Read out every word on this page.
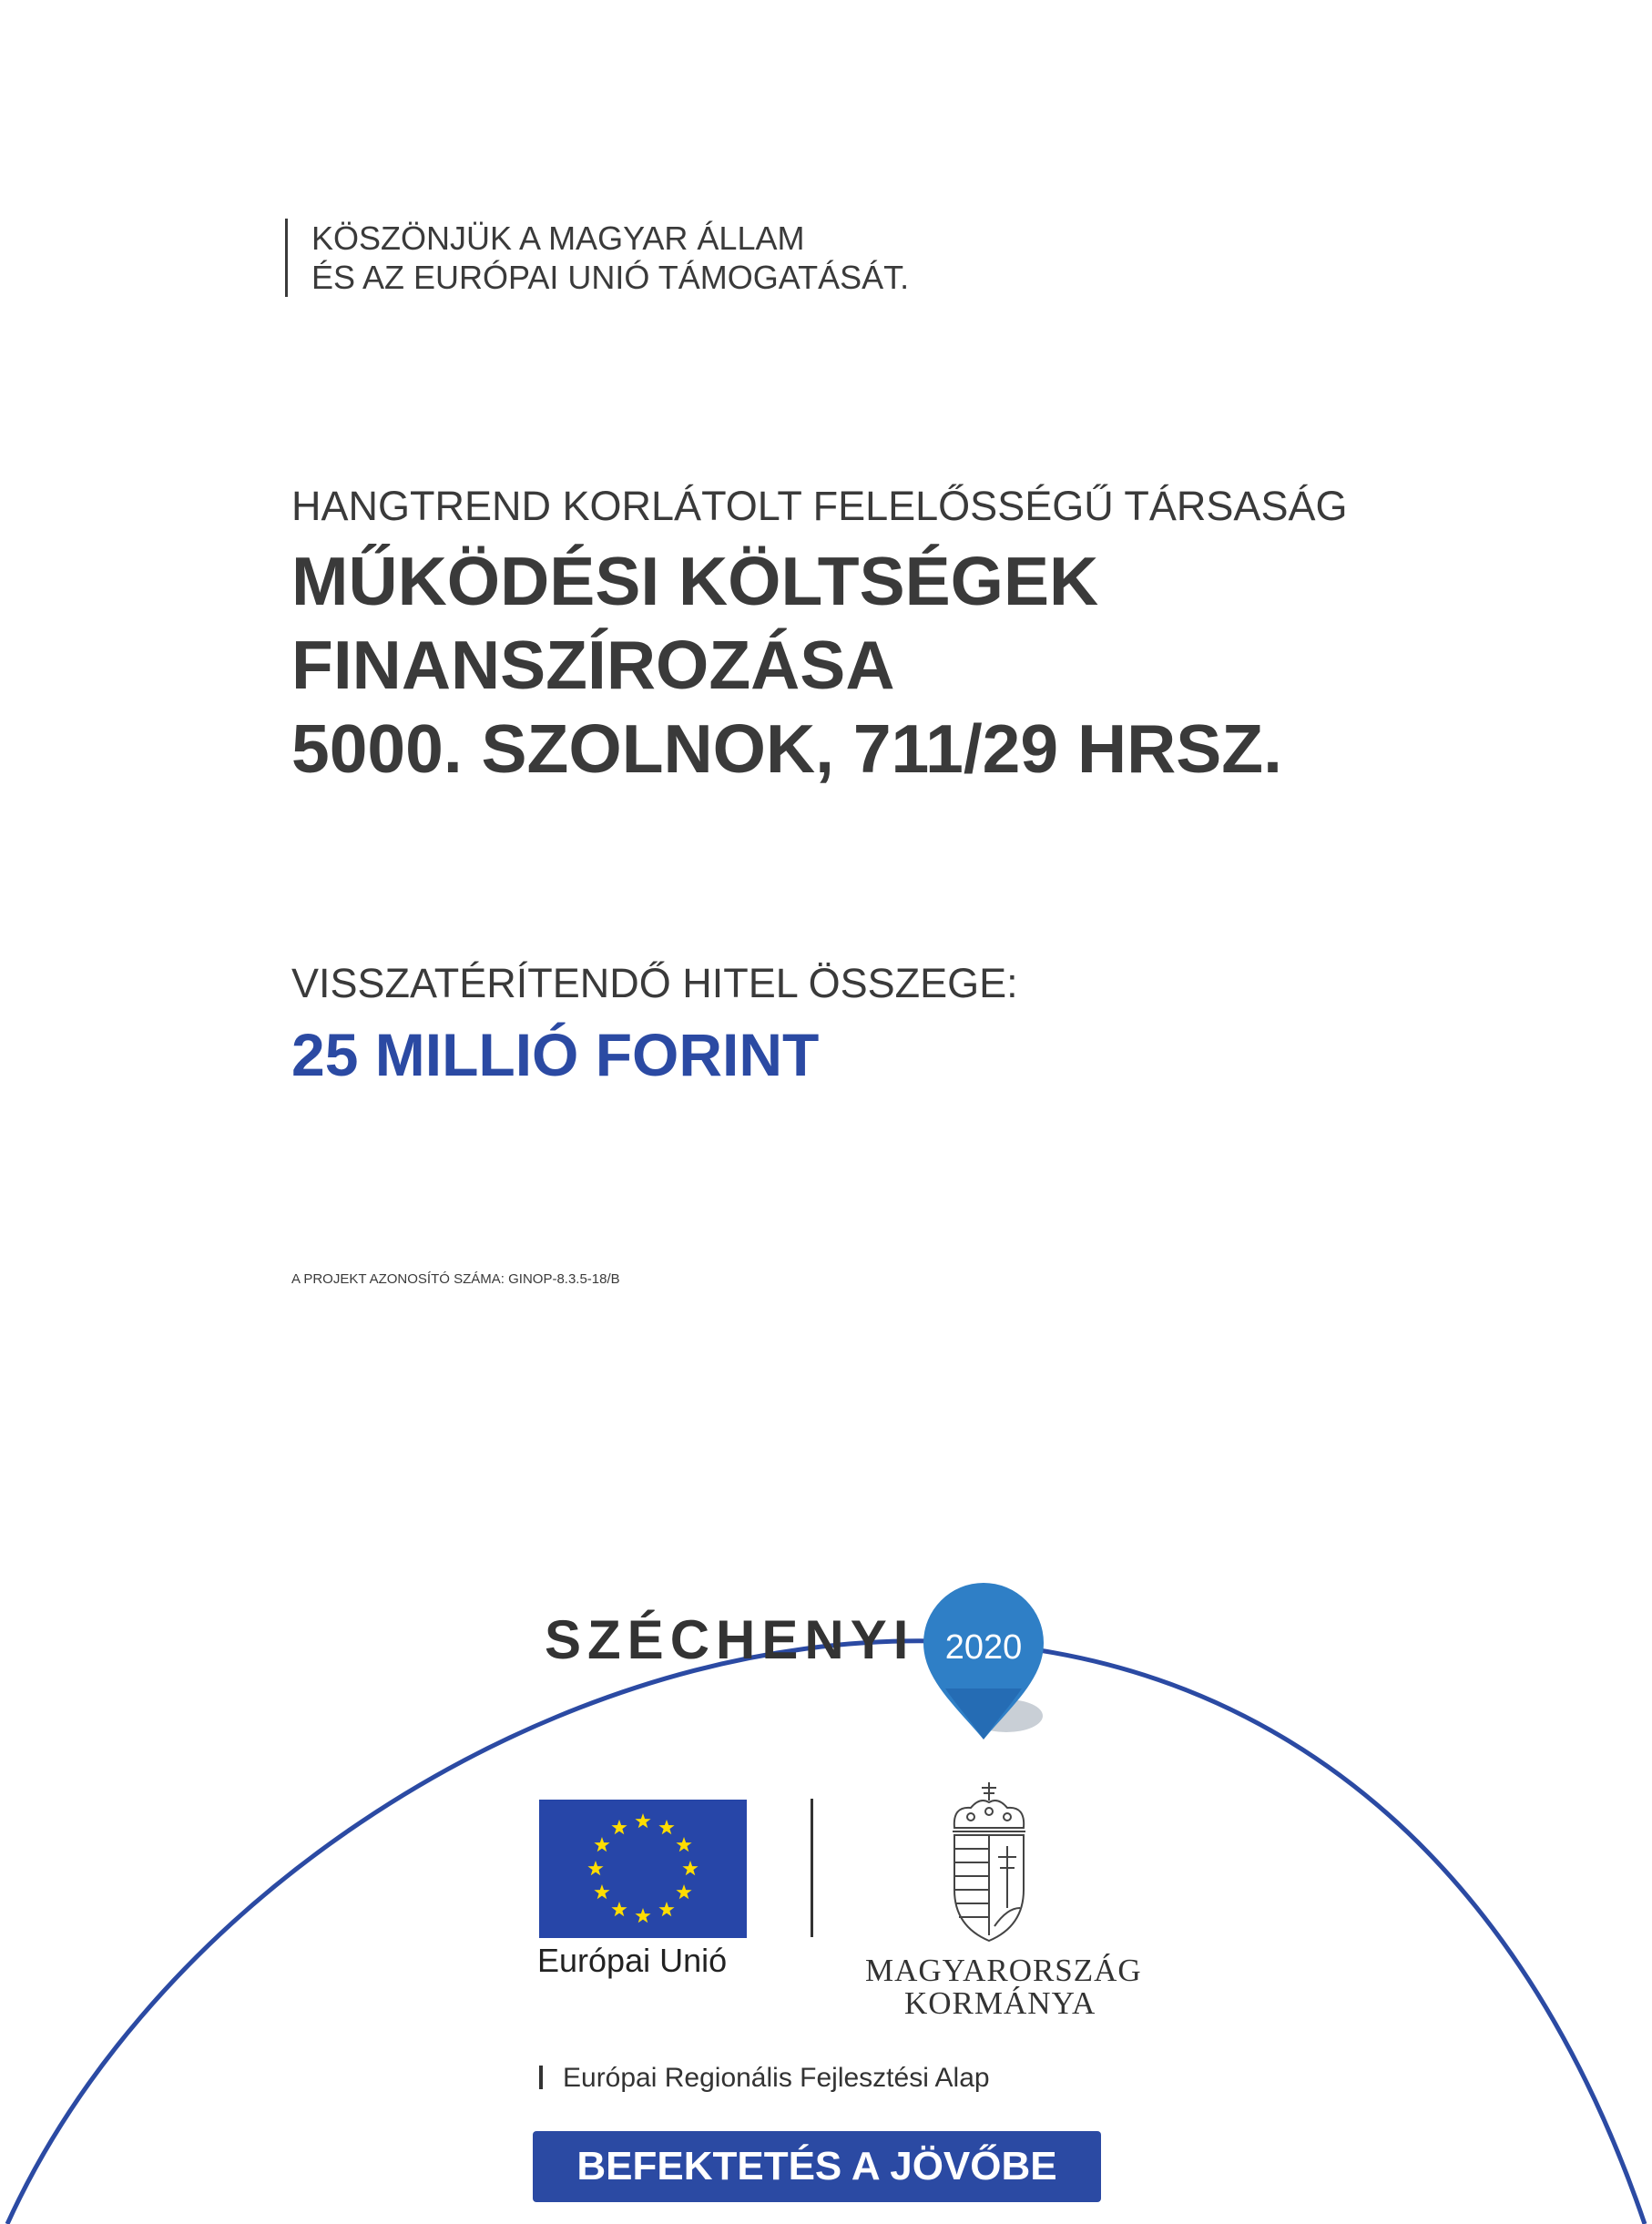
KÖSZÖNJÜK A MAGYAR ÁLLAM
ÉS AZ EURÓPAI UNIÓ TÁMOGATÁSÁT.
HANGTREND KORLÁTOLT FELELŐSSÉGŰ TÁRSASÁG
MŰKÖDÉSI KÖLTSÉGEK
FINANSZÍROZÁSA
5000. SZOLNOK, 711/29 HRSZ.
VISSZATÉRÍTENDŐ HITEL ÖSSZEGE:
25 MILLIÓ FORINT
A PROJEKT AZONOSÍTÓ SZÁMA: GINOP-8.3.5-18/B
SZÉCHENYI 2020
Európai Unió	MAGYARORSZÁG
KORMÁNYA
Európai Regionális Fejlesztési Alap
BEFEKTETÉS A JÖVŐBE
